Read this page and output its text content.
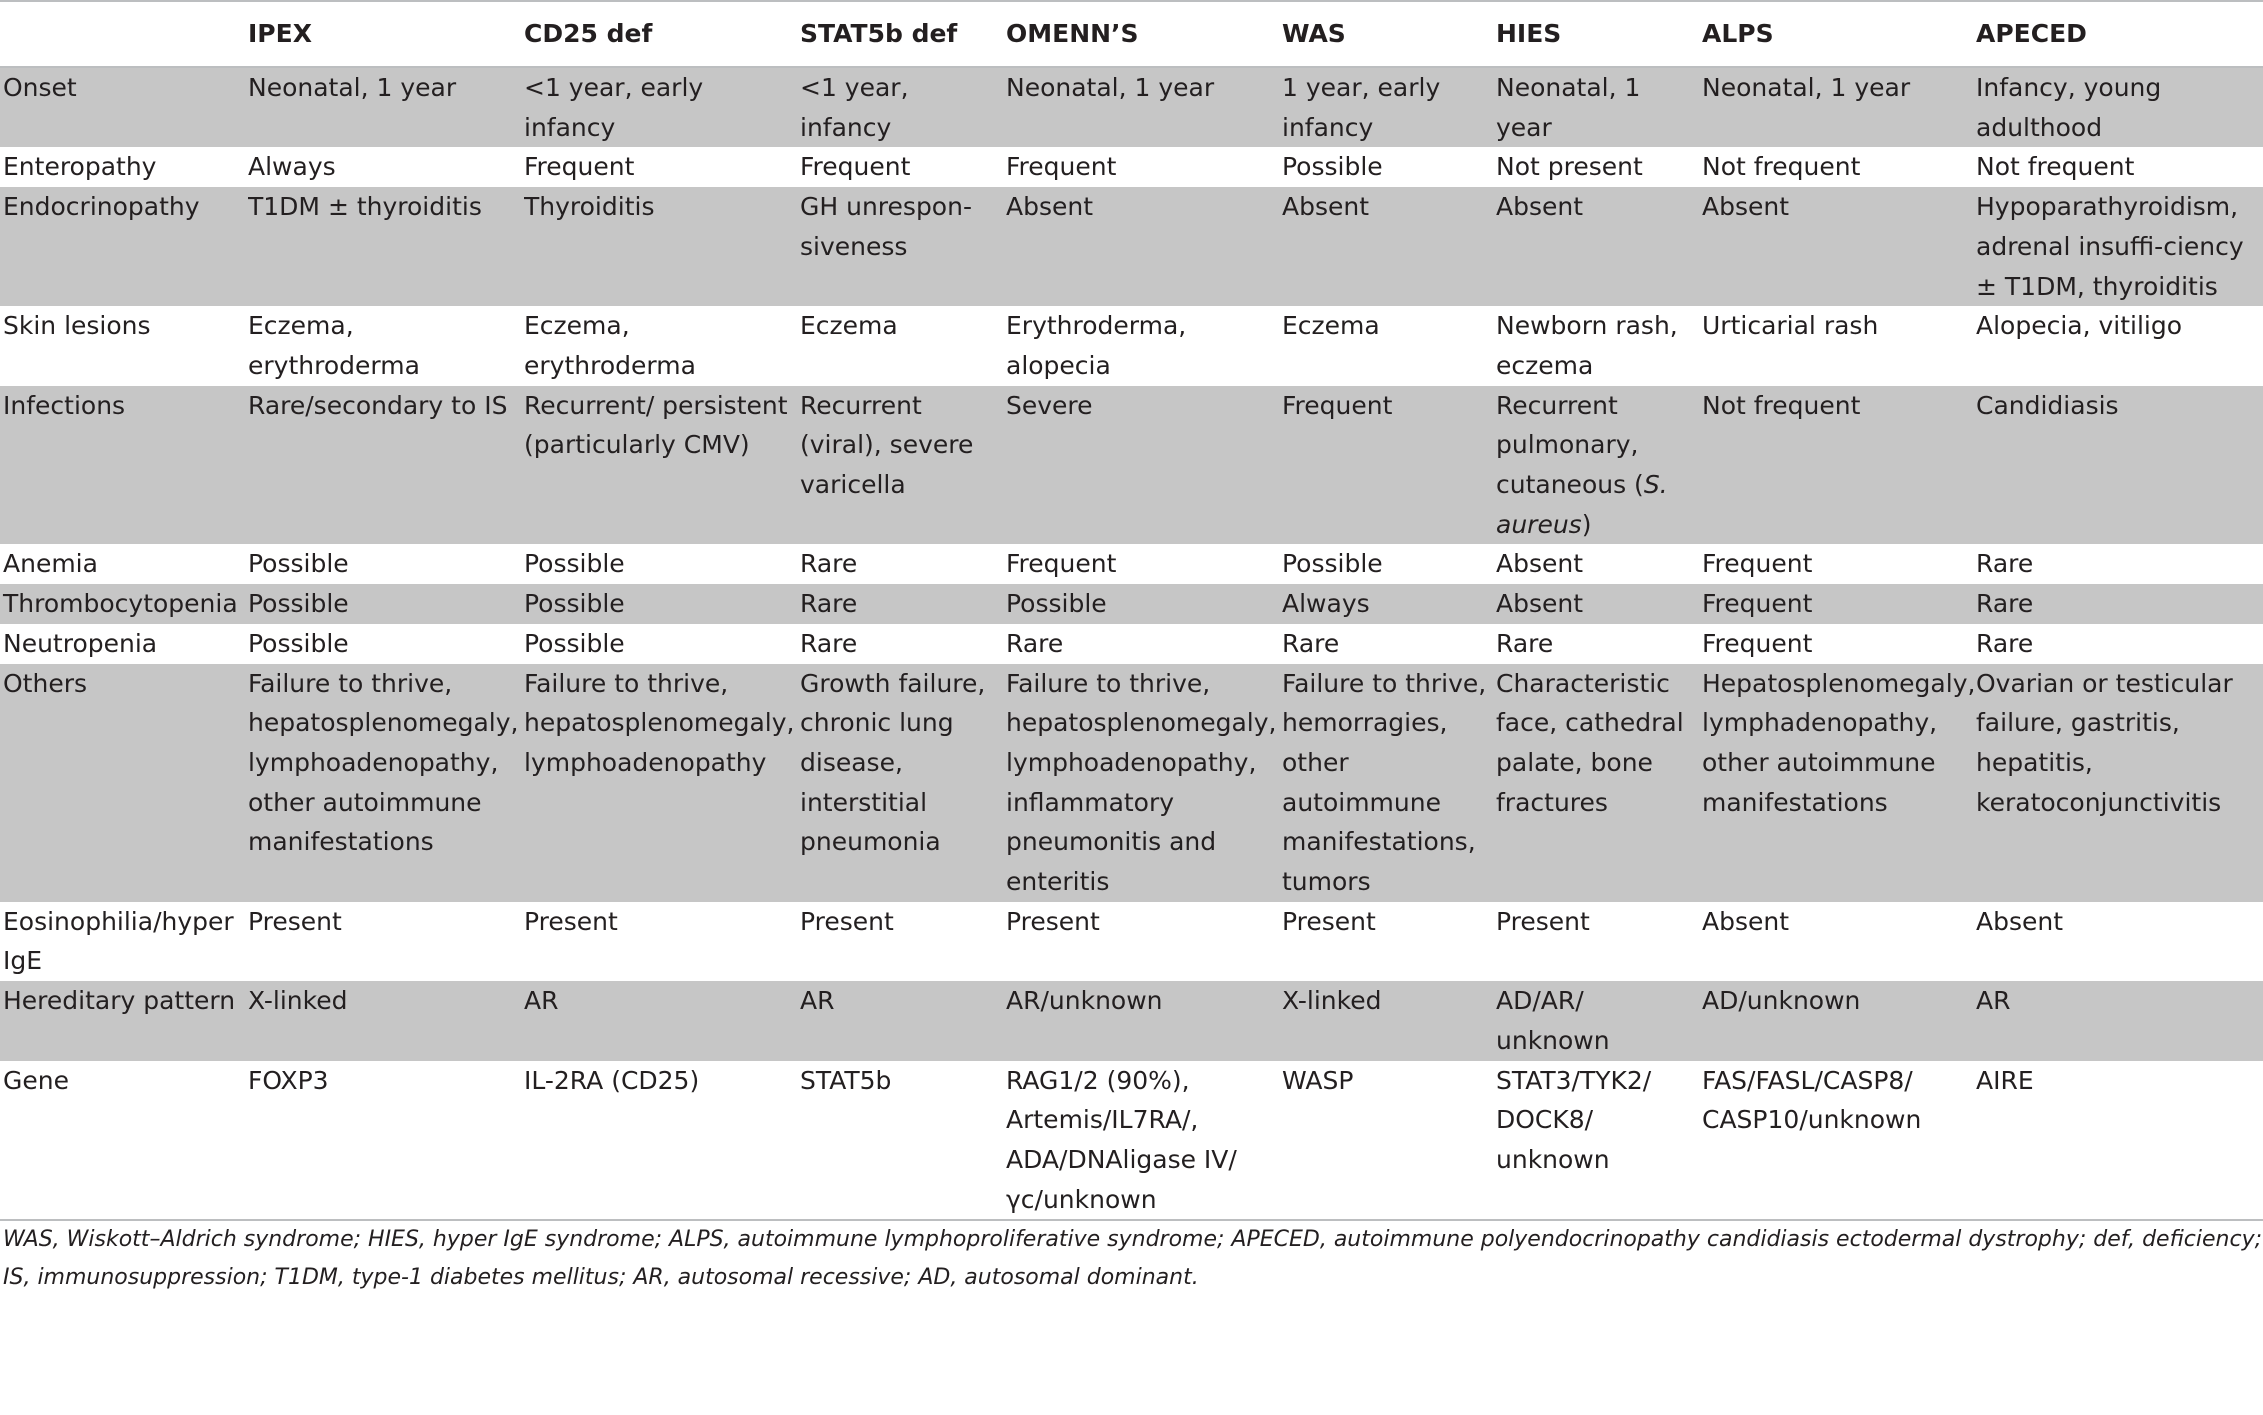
	IPEX	CD25 def	STAT5b def	OMENN’S	WAS	HIES	ALPS	APECED
Onset	Neonatal, 1 year	<1 year, early infancy	<1 year, infancy	Neonatal, 1 year	1 year, early infancy	Neonatal, 1 year	Neonatal, 1 year	Infancy, young adulthood
Enteropathy	Always	Frequent	Frequent	Frequent	Possible	Not present	Not frequent	Not frequent
Endocrinopathy	T1DM ± thyroiditis	Thyroiditis	GH unrespon-siveness	Absent	Absent	Absent	Absent	Hypoparathyroidism, adrenal insuffi-ciency ± T1DM, thyroiditis
Skin lesions	Eczema, erythroderma	Eczema, erythroderma	Eczema	Erythroderma, alopecia	Eczema	Newborn rash, eczema	Urticarial rash	Alopecia, vitiligo
Infections	Rare/secondary to IS	Recurrent/ persistent (particularly CMV)	Recurrent (viral), severe varicella	Severe	Frequent	Recurrent pulmonary, cutaneous (S. aureus)	Not frequent	Candidiasis
Anemia	Possible	Possible	Rare	Frequent	Possible	Absent	Frequent	Rare
Thrombocytopenia	Possible	Possible	Rare	Possible	Always	Absent	Frequent	Rare
Neutropenia	Possible	Possible	Rare	Rare	Rare	Rare	Frequent	Rare
Others	Failure to thrive, hepatosplenomegaly, lymphoadenopathy, other autoimmune manifestations	Failure to thrive, hepatosplenomegaly, lymphoadenopathy	Growth failure, chronic lung disease, interstitial pneumonia	Failure to thrive, hepatosplenomegaly, lymphoadenopathy, inflammatory pneumonitis and enteritis	Failure to thrive, hemorragies, other autoimmune manifestations, tumors	Characteristic face, cathedral palate, bone fractures	Hepatosplenomegaly, lymphadenopathy, other autoimmune manifestations	Ovarian or testicular failure, gastritis, hepatitis, keratoconjunctivitis
Eosinophilia/hyper IgE	Present	Present	Present	Present	Present	Present	Absent	Absent
Hereditary pattern	X-linked	AR	AR	AR/unknown	X-linked	AD/AR/ unknown	AD/unknown	AR
Gene	FOXP3	IL-2RA (CD25)	STAT5b	RAG1/2 (90%), Artemis/IL7RA/, ADA/DNAligase IV/γc/unknown	WASP	STAT3/TYK2/ DOCK8/ unknown	FAS/FASL/CASP8/ CASP10/unknown	AIRE
WAS, Wiskott–Aldrich syndrome; HIES, hyper IgE syndrome; ALPS, autoimmune lymphoproliferative syndrome; APECED, autoimmune polyendocrinopathy candidiasis ectodermal dystrophy; def, deficiency; IS, immunosuppression; T1DM, type-1 diabetes mellitus; AR, autosomal recessive; AD, autosomal dominant.								
